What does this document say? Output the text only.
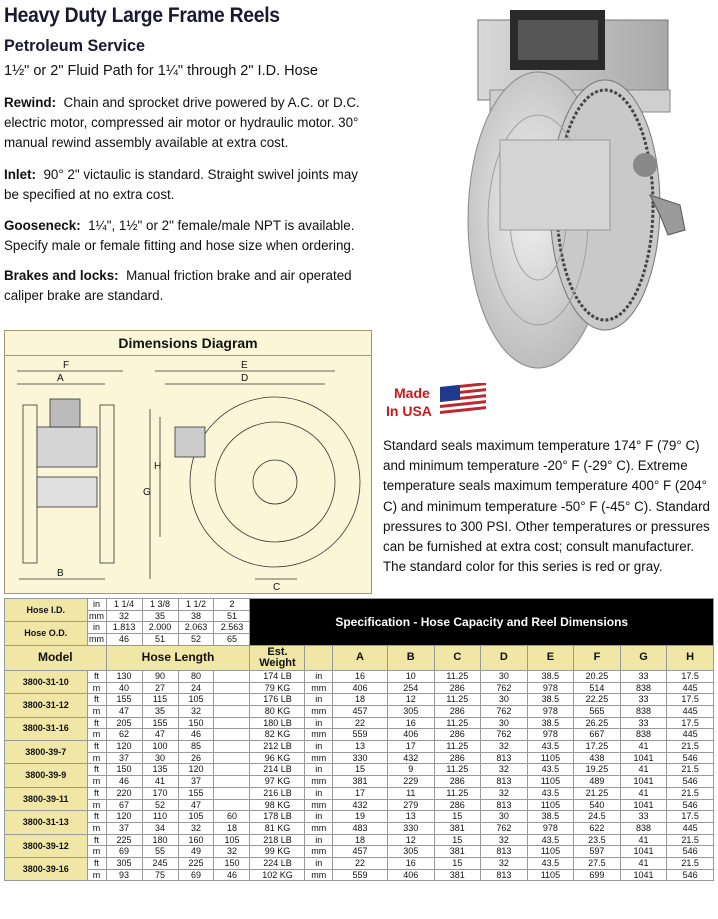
Heavy Duty Large Frame Reels
Petroleum Service
1½" or 2" Fluid Path for 1¼" through 2" I.D. Hose
Rewind: Chain and sprocket drive powered by A.C. or D.C. electric motor, compressed air motor or hydraulic motor. 30° manual rewind assembly available at extra cost.
Inlet: 90° 2" victaulic is standard. Straight swivel joints may be specified at no extra cost.
Gooseneck: 1¼", 1½" or 2" female/male NPT is available. Specify male or female fitting and hose size when ordering.
Brakes and locks: Manual friction brake and air operated caliper brake are standard.
Dimensions Diagram
F
A
B
E
D
H
G
C
Made
In USA
Standard seals maximum temperature 174° F (79° C) and minimum temperature -20° F (-29° C). Extreme temperature seals maximum temperature 400° F (204° C) and minimum temperature -50° F (-45° C). Standard pressures to 300 PSI. Other temperatures or pressures can be furnished at extra cost; consult manufacturer. The standard color for this series is red or gray.
Hose I.D.	in	1 1/4	1 3/8	1 1/2	2	Specification - Hose Capacity and Reel Dimensions									
	mm	32	35	38	51										
Hose O.D.	in	1.813	2.000	2.063	2.563										
	mm	46	51	52	65										
Model		Hose Length				Est. Weight		A	B	C	D	E	F	G	H
3800-31-10	ft	130	90	80		174 LB	in	16	10	11.25	30	38.5	20.25	33	17.5
	m	40	27	24		79 KG	mm	406	254	286	762	978	514	838	445
3800-31-12	ft	155	115	105		176 LB	in	18	12	11.25	30	38.5	22.25	33	17.5
	m	47	35	32		80 KG	mm	457	305	286	762	978	565	838	445
3800-31-16	ft	205	155	150		180 LB	in	22	16	11.25	30	38.5	26.25	33	17.5
	m	62	47	46		82 KG	mm	559	406	286	762	978	667	838	445
3800-39-7	ft	120	100	85		212 LB	in	13	17	11.25	32	43.5	17.25	41	21.5
	m	37	30	26		96 KG	mm	330	432	286	813	1105	438	1041	546
3800-39-9	ft	150	135	120		214 LB	in	15	9	11.25	32	43.5	19.25	41	21.5
	m	46	41	37		97 KG	mm	381	229	286	813	1105	489	1041	546
3800-39-11	ft	220	170	155		216 LB	in	17	11	11.25	32	43.5	21.25	41	21.5
	m	67	52	47		98 KG	mm	432	279	286	813	1105	540	1041	546
3800-31-13	ft	120	110	105	60	178 LB	in	19	13	15	30	38.5	24.5	33	17.5
	m	37	34	32	18	81 KG	mm	483	330	381	762	978	622	838	445
3800-39-12	ft	225	180	160	105	218 LB	in	18	12	15	32	43.5	23.5	41	21.5
	m	69	55	49	32	99 KG	mm	457	305	381	813	1105	597	1041	546
3800-39-16	ft	305	245	225	150	224 LB	in	22	16	15	32	43.5	27.5	41	21.5
	m	93	75	69	46	102 KG	mm	559	406	381	813	1105	699	1041	546
